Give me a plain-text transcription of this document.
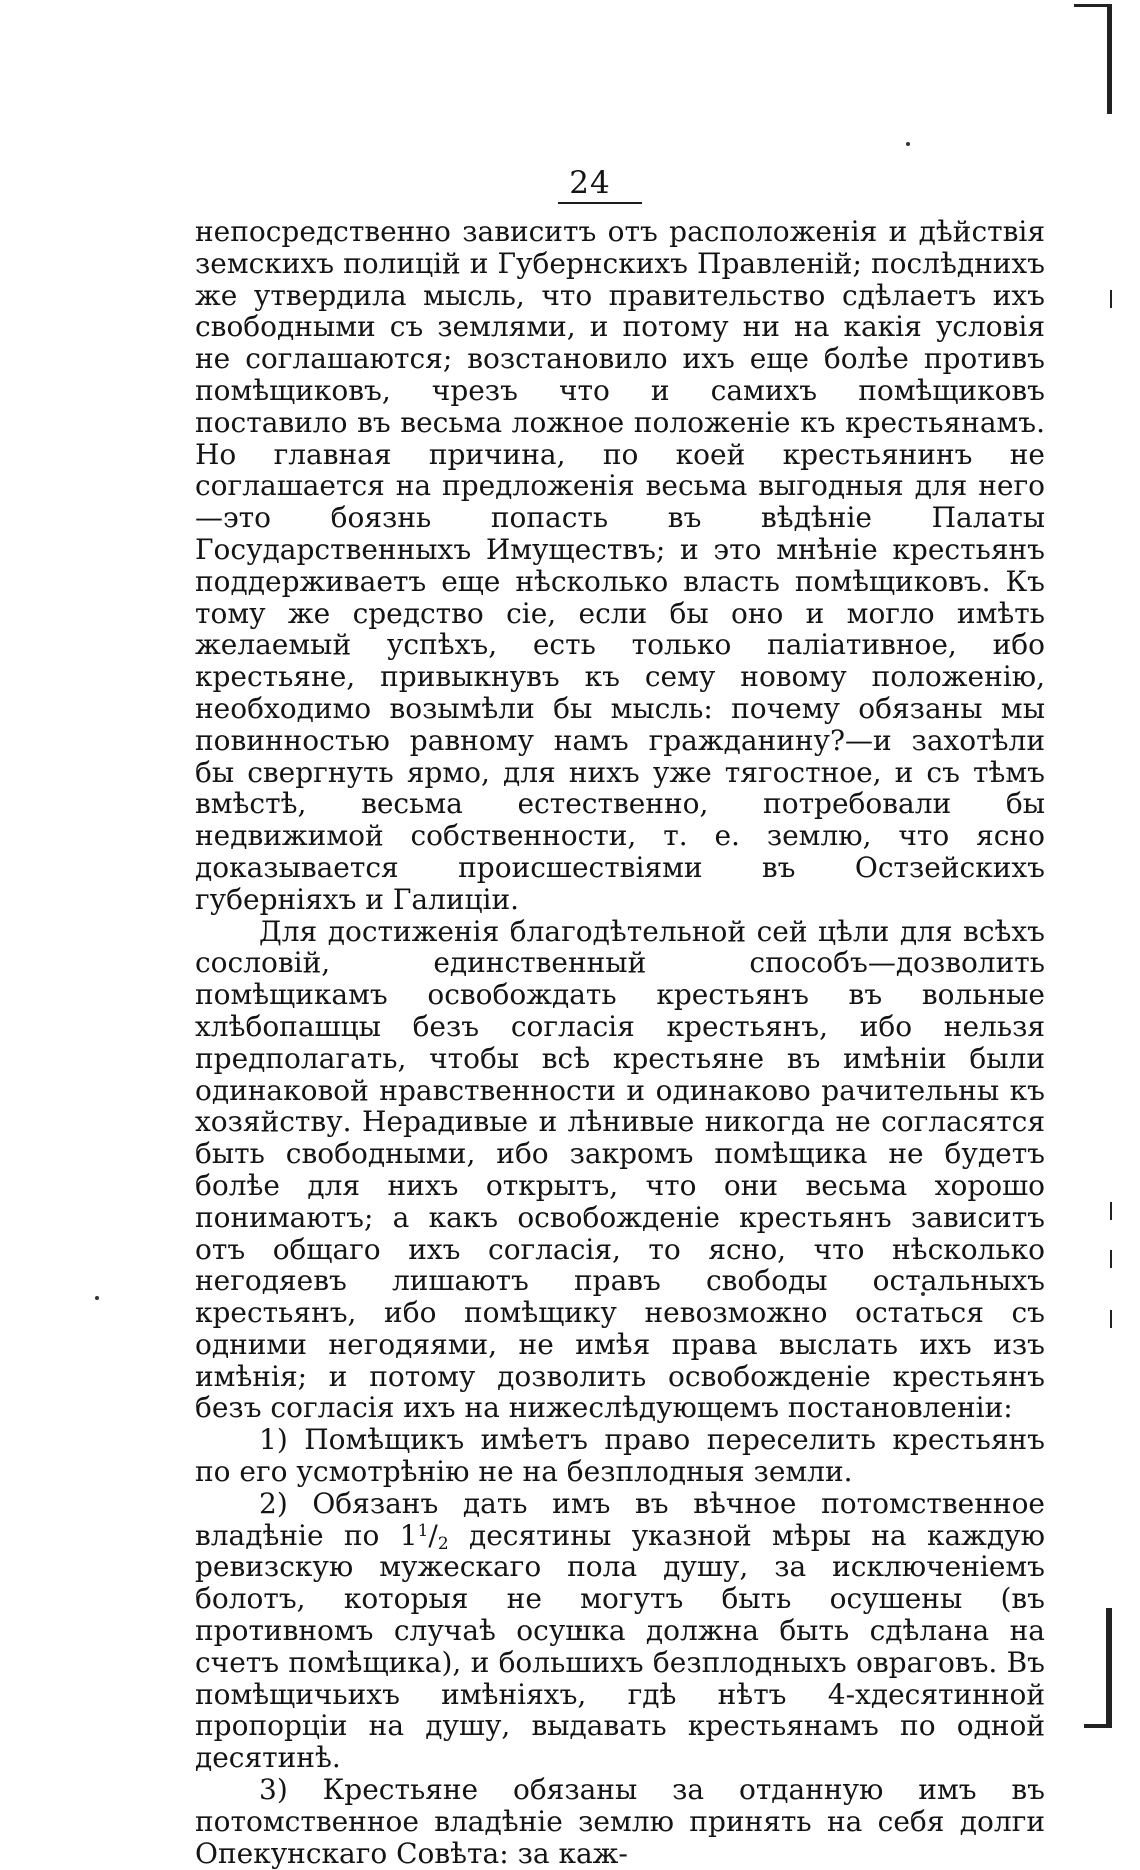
24

непосредственно зависитъ отъ расположенія и дѣйствія земскихъ полицій и Губернскихъ Правленій; послѣднихъ же утвердила мысль, что правительство сдѣлаетъ ихъ свободными съ землями, и потому ни на какія условія не соглашаются; возстановило ихъ еще болѣе противъ помѣщиковъ, чрезъ что и самихъ помѣщиковъ поставило въ весьма ложное положеніе къ крестьянамъ. Но главная причина, по коей крестьянинъ не соглашается на предложенія весьма выгодныя для него—это боязнь попасть въ вѣдѣніе Палаты Государственныхъ Имуществъ; и это мнѣніе крестьянъ поддерживаетъ еще нѣсколько власть помѣщиковъ. Къ тому же средство сіе, если бы оно и могло имѣть желаемый успѣхъ, есть только паліативное, ибо крестьяне, привыкнувъ къ сему новому положенію, необходимо возымѣли бы мысль: почему обязаны мы повинностью равному намъ гражданину?—и захотѣли бы свергнуть ярмо, для нихъ уже тягостное, и съ тѣмъ вмѣстѣ, весьма естественно, потребовали бы недвижимой собственности, т. е. землю, что ясно доказывается происшествіями въ Остзейскихъ губерніяхъ и Галиціи.

Для достиженія благодѣтельной сей цѣли для всѣхъ сословій, единственный способъ—дозволить помѣщикамъ освобождать крестьянъ въ вольные хлѣбопашцы безъ согласія крестьянъ, ибо нельзя предполагать, чтобы всѣ крестьяне въ имѣніи были одинаковой нравственности и одинаково рачительны къ хозяйству. Нерадивые и лѣнивые никогда не согласятся быть свободными, ибо закромъ помѣщика не будетъ болѣе для нихъ открытъ, что они весьма хорошо понимаютъ; а какъ освобожденіе крестьянъ зависитъ отъ общаго ихъ согласія, то ясно, что нѣсколько негодяевъ лишаютъ правъ свободы остальныхъ крестьянъ, ибо помѣщику невозможно остаться съ одними негодяями, не имѣя права выслать ихъ изъ имѣнія; и потому дозволить освобожденіе крестьянъ безъ согласія ихъ на нижеслѣдующемъ постановленіи:

1) Помѣщикъ имѣетъ право переселить крестьянъ по его усмотрѣнію не на безплодныя земли.

2) Обязанъ дать имъ въ вѣчное потомственное владѣніе по $1^1/_2$ десятины указной мѣры на каждую ревизскую мужескаго пола душу, за исключеніемъ болотъ, которыя не могутъ быть осушены (въ противномъ случаѣ осушка должна быть сдѣлана на счетъ помѣщика), и большихъ безплодныхъ овраговъ. Въ помѣщичьихъ имѣніяхъ, гдѣ нѣтъ 4-хдесятинной пропорціи на душу, выдавать крестьянамъ по одной десятинѣ.

3) Крестьяне обязаны за отданную имъ въ потомственное владѣніе землю принять на себя долги Опекунскаго Совѣта: за каж-
